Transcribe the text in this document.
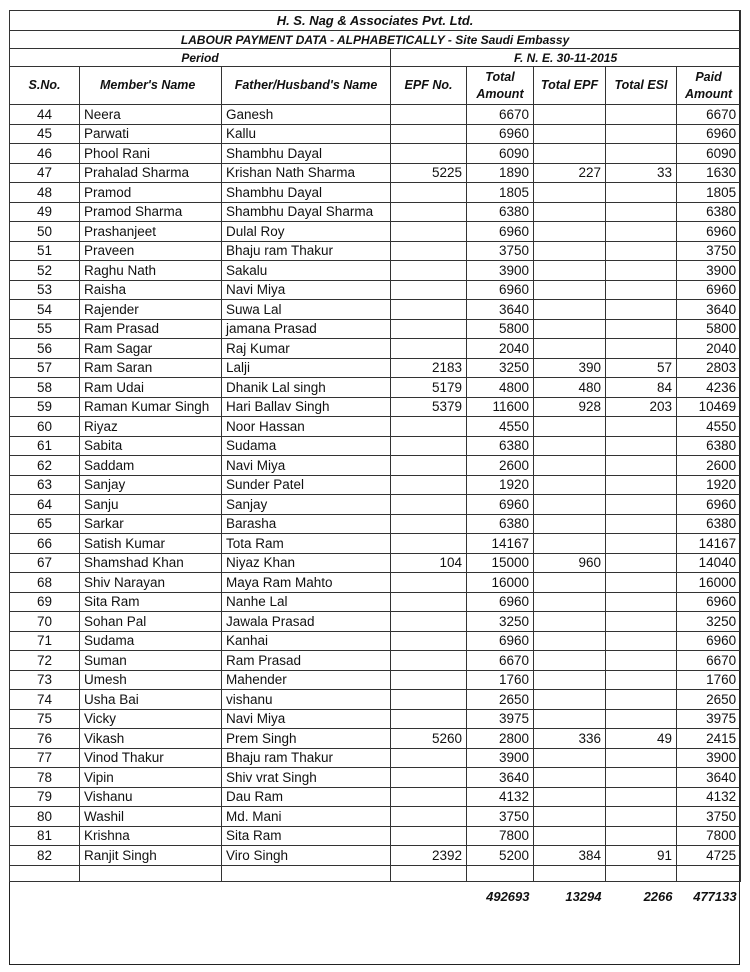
H. S. Nag & Associates Pvt. Ltd.							
LABOUR PAYMENT DATA - ALPHABETICALLY - Site Saudi Embassy							
Period			F. N. E. 30-11-2015				
S.No.	Member's Name	Father/Husband's Name	EPF No.	Total Amount	Total EPF	Total ESI	Paid Amount
44	Neera	Ganesh		6670			6670
45	Parwati	Kallu		6960			6960
46	Phool Rani	Shambhu Dayal		6090			6090
47	Prahalad Sharma	Krishan Nath Sharma	5225	1890	227	33	1630
48	Pramod	Shambhu Dayal		1805			1805
49	Pramod Sharma	Shambhu Dayal Sharma		6380			6380
50	Prashanjeet	Dulal Roy		6960			6960
51	Praveen	Bhaju ram Thakur		3750			3750
52	Raghu Nath	Sakalu		3900			3900
53	Raisha	Navi Miya		6960			6960
54	Rajender	Suwa Lal		3640			3640
55	Ram Prasad	jamana Prasad		5800			5800
56	Ram Sagar	Raj Kumar		2040			2040
57	Ram Saran	Lalji	2183	3250	390	57	2803
58	Ram Udai	Dhanik Lal singh	5179	4800	480	84	4236
59	Raman Kumar Singh	Hari Ballav Singh	5379	11600	928	203	10469
60	Riyaz	Noor Hassan		4550			4550
61	Sabita	Sudama		6380			6380
62	Saddam	Navi Miya		2600			2600
63	Sanjay	Sunder Patel		1920			1920
64	Sanju	Sanjay		6960			6960
65	Sarkar	Barasha		6380			6380
66	Satish Kumar	Tota Ram		14167			14167
67	Shamshad Khan	Niyaz Khan	104	15000	960		14040
68	Shiv Narayan	Maya Ram Mahto		16000			16000
69	Sita Ram	Nanhe Lal		6960			6960
70	Sohan Pal	Jawala Prasad		3250			3250
71	Sudama	Kanhai		6960			6960
72	Suman	Ram Prasad		6670			6670
73	Umesh	Mahender		1760			1760
74	Usha Bai	vishanu		2650			2650
75	Vicky	Navi Miya		3975			3975
76	Vikash	Prem Singh	5260	2800	336	49	2415
77	Vinod Thakur	Bhaju ram Thakur		3900			3900
78	Vipin	Shiv vrat Singh		3640			3640
79	Vishanu	Dau Ram		4132			4132
80	Washil	Md. Mani		3750			3750
81	Krishna	Sita Ram		7800			7800
82	Ranjit Singh	Viro Singh	2392	5200	384	91	4725

				492693	13294	2266	477133
